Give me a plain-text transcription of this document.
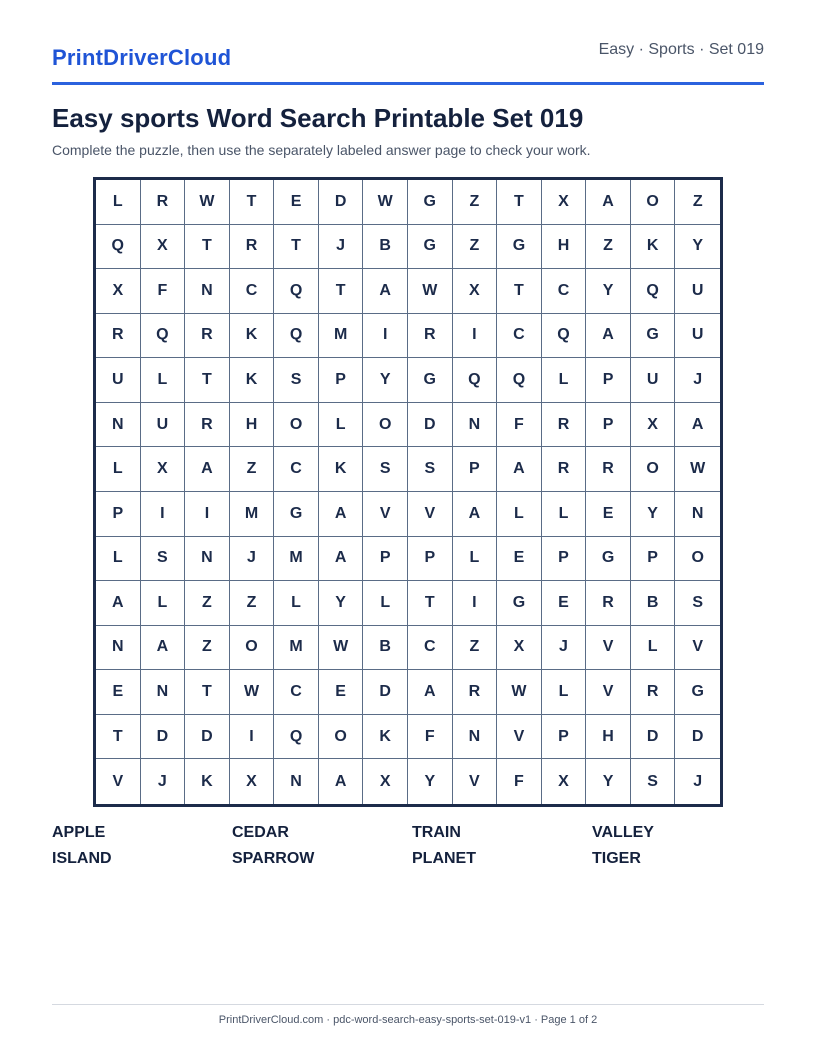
PrintDriverCloud	Easy · Sports · Set 019
Easy sports Word Search Printable Set 019
Complete the puzzle, then use the separately labeled answer page to check your work.
L	R	W	T	E	D	W	G	Z	T	X	A	O	Z
Q	X	T	R	T	J	B	G	Z	G	H	Z	K	Y
X	F	N	C	Q	T	A	W	X	T	C	Y	Q	U
R	Q	R	K	Q	M	I	R	I	C	Q	A	G	U
U	L	T	K	S	P	Y	G	Q	Q	L	P	U	J
N	U	R	H	O	L	O	D	N	F	R	P	X	A
L	X	A	Z	C	K	S	S	P	A	R	R	O	W
P	I	I	M	G	A	V	V	A	L	L	E	Y	N
L	S	N	J	M	A	P	P	L	E	P	G	P	O
A	L	Z	Z	L	Y	L	T	I	G	E	R	B	S
N	A	Z	O	M	W	B	C	Z	X	J	V	L	V
E	N	T	W	C	E	D	A	R	W	L	V	R	G
T	D	D	I	Q	O	K	F	N	V	P	H	D	D
V	J	K	X	N	A	X	Y	V	F	X	Y	S	J
APPLE	CEDAR	TRAIN	VALLEY
ISLAND	SPARROW	PLANET	TIGER
PrintDriverCloud.com · pdc-word-search-easy-sports-set-019-v1 · Page 1 of 2
